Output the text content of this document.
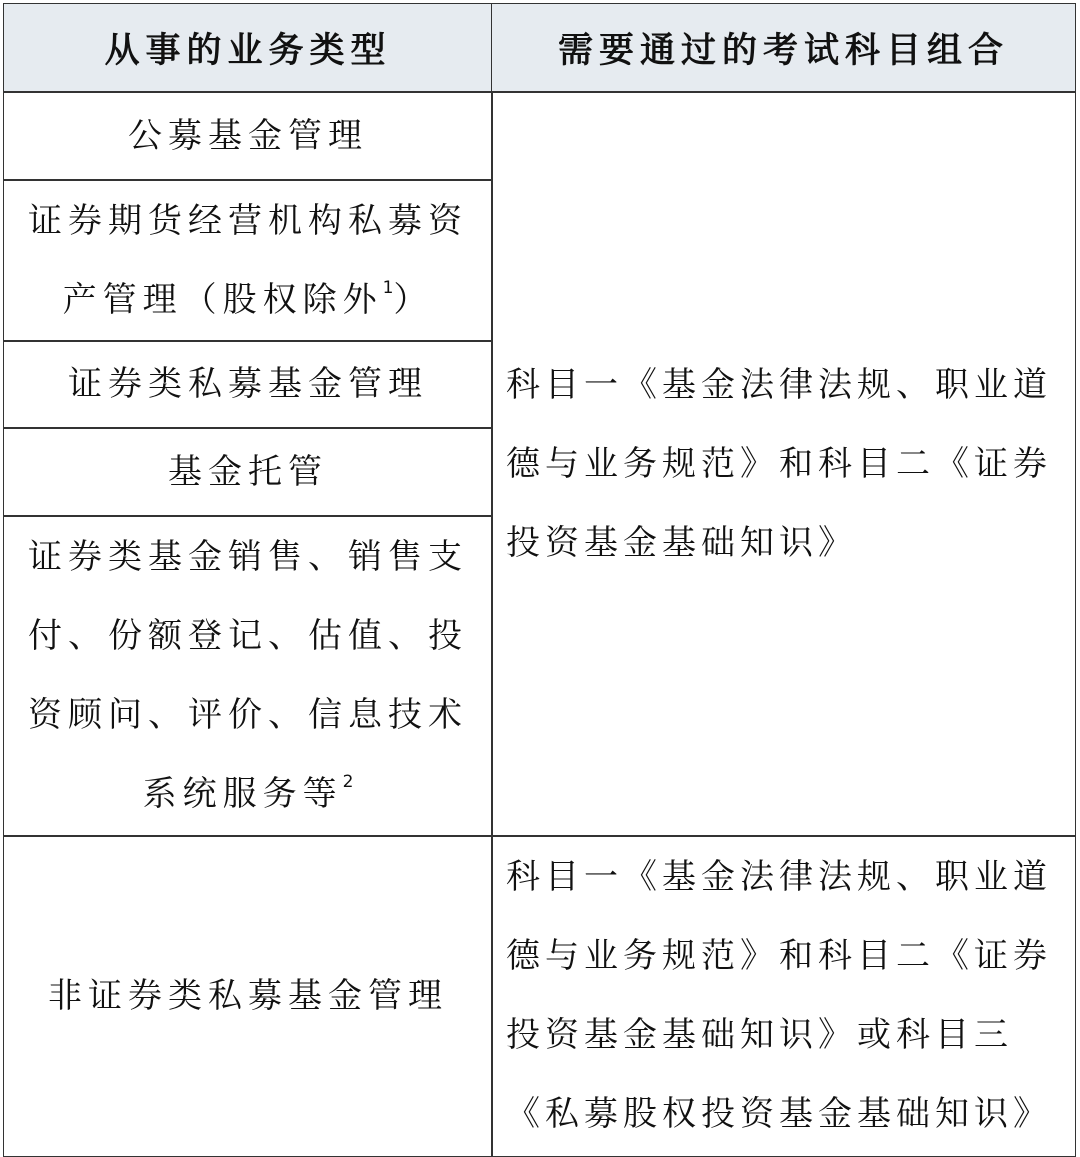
从事的业务类型	需要通过的考试科目组合
公募基金管理
证券期货经营机构私募资
产管理（股权除外$^1$）
证券类私募基金管理
基金托管
证券类基金销售、销售支
付、份额登记、估值、投
资顾问、评价、信息技术
系统服务等$^2$
非证券类私募基金管理
科目一《基金法律法规、职业道
德与业务规范》和科目二《证券
投资基金基础知识》
科目一《基金法律法规、职业道
德与业务规范》和科目二《证券
投资基金基础知识》或科目三
《私募股权投资基金基础知识》
